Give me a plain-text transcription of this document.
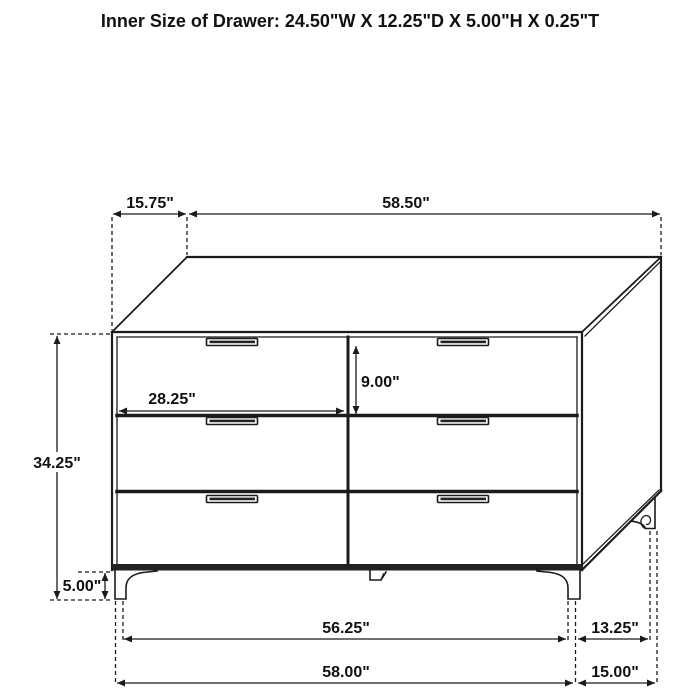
Inner Size of Drawer: 24.50"W X 12.25"D X 5.00"H X 0.25"T
15.75"	58.50"
28.25"
9.00"
34.25"
5.00"
56.25"
58.00"
13.25"
15.00"
